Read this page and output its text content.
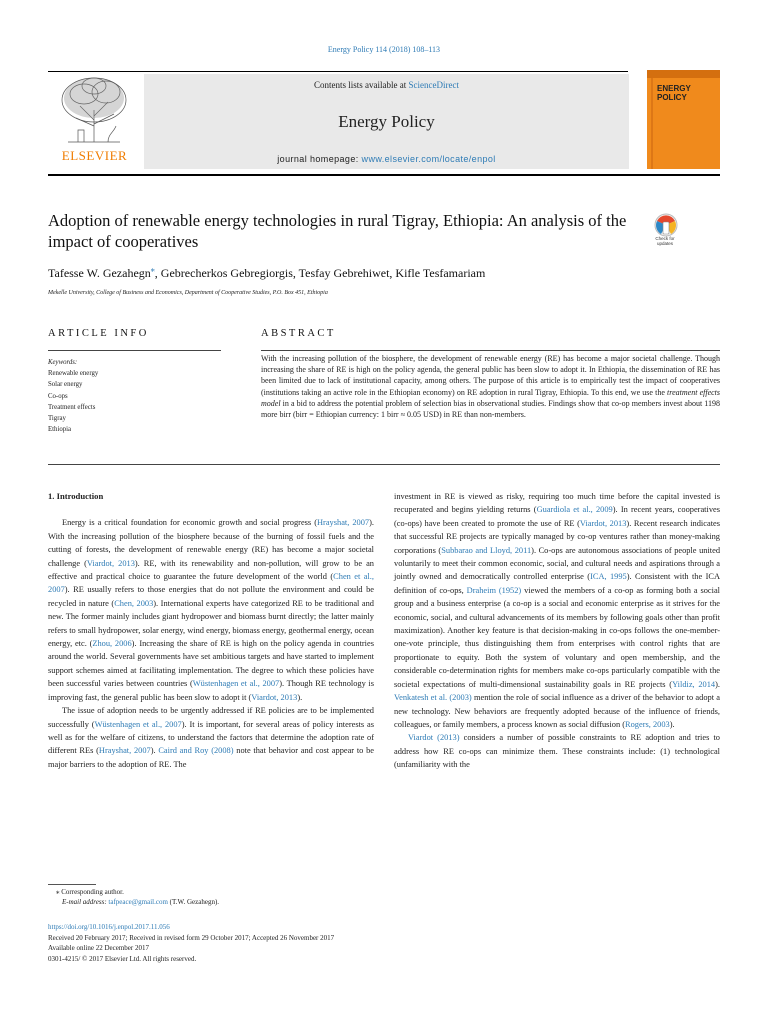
Energy Policy 114 (2018) 108–113
ELSEVIER
Contents lists available at ScienceDirect
Energy Policy
journal homepage: www.elsevier.com/locate/enpol
ENERGY
POLICY
Adoption of renewable energy technologies in rural Tigray, Ethiopia: An analysis of the impact of cooperatives	Check for
updates
Tafesse W. Gezahegn⁎, Gebrecherkos Gebregiorgis, Tesfay Gebrehiwet, Kifle Tesfamariam
Mekelle University, College of Business and Economics, Department of Cooperative Studies, P.O. Box 451, Ethiopia
ARTICLE INFO	ABSTRACT
Keywords:
Renewable energy
Solar energy
Co-ops
Treatment effects
Tigray
Ethiopia
With the increasing pollution of the biosphere, the development of renewable energy (RE) has become a major societal challenge. Though increasing the share of RE is high on the policy agenda, the general public has been slow to adopt it. In Ethiopia, the dissemination of RE has been limited due to lack of institutional capacity, among others. The purpose of this article is to empirically test the impact of cooperatives (institutions taking an active role in the Ethiopian economy) on RE adoption in rural Tigray, Ethiopia. To this end, we use the treatment effects model in a bid to address the potential problem of selection bias in observational studies. Findings show that co-op members invest about 1198 more birr (birr = Ethiopian currency: 1 birr ≈ 0.05 USD) in RE than non-members.
1. Introduction

Energy is a critical foundation for economic growth and social progress (Hrayshat, 2007). With the increasing pollution of the biosphere because of the burning of fossil fuels and the cutting of forests, the development of renewable energy (RE) has become a major societal challenge (Viardot, 2013). RE, with its renewability and non-pollution, will grow to be an effective and practical choice to guarantee the future development of the world (Chen et al., 2007). RE usually refers to those energies that do not pollute the environment and could be recycled in nature (Chen, 2003). International experts have categorized RE to be traditional and new. The former mainly includes giant hydropower and biomass burnt directly; the latter mainly refers to small hydropower, solar energy, wind energy, biomass energy, geothermal energy, ocean energy, etc. (Zhou, 2006). Increasing the share of RE is high on the policy agenda in countries around the world. Several governments have set ambitious targets and have started to implement support schemes aimed at facilitating implementation. The degree to which these policies have been successful varies between countries (Wüstenhagen et al., 2007). Though RE technology is improving fast, the general public has been slow to adopt it (Viardot, 2013).

The issue of adoption needs to be urgently addressed if RE policies are to be implemented successfully (Wüstenhagen et al., 2007). It is important, for several areas of policy interests as well as for the welfare of citizens, to understand the factors that determine the adoption rate of different REs (Hrayshat, 2007). Caird and Roy (2008) note that behavior and cost appear to be major barriers to the adoption of RE. The

investment in RE is viewed as risky, requiring too much time before the capital invested is recuperated and begins yielding returns (Guardiola et al., 2009). In recent years, cooperatives (co-ops) have been created to promote the use of RE (Viardot, 2013). Recent research indicates that successful RE projects are typically managed by co-op ventures rather than money-making corporations (Subbarao and Lloyd, 2011). Co-ops are autonomous associations of people united voluntarily to meet their common economic, social, and cultural needs and aspirations through a jointly owned and democratically controlled enterprise (ICA, 1995). Consistent with the ICA definition of co-ops, Draheim (1952) viewed the members of a co-op as forming both a social group and a business enterprise (a co-op is a social and economic enterprise as it strives for the economic, social, and cultural advancements of its members by following goals other than profit maximization). Another key feature is that decision-making in co-ops follows the one-member-one-vote principle, thus distinguishing them from enterprises with control rights that are proportionate to equity. Both the system of voluntary and open membership, and the considerable co-determination rights for members make co-ops particularly compatible with the societal expectations of multi-dimensional sustainability goals in RE projects (Yildiz, 2014). Venkatesh et al. (2003) mention the role of social influence as a driver of the behavior to adopt a new technology. New behaviors are frequently adopted because of the influence of friends, colleagues, or family members, a process known as social diffusion (Rogers, 2003).

Viardot (2013) considers a number of possible constraints to RE adoption and tries to address how RE co-ops can minimize them. These constraints include: (1) technological (unfamiliarity with the

⁎ Corresponding author.
E-mail address: tafpeace@gmail.com (T.W. Gezahegn).
https://doi.org/10.1016/j.enpol.2017.11.056
Received 20 February 2017; Received in revised form 29 October 2017; Accepted 26 November 2017
Available online 22 December 2017
0301-4215/ © 2017 Elsevier Ltd. All rights reserved.
